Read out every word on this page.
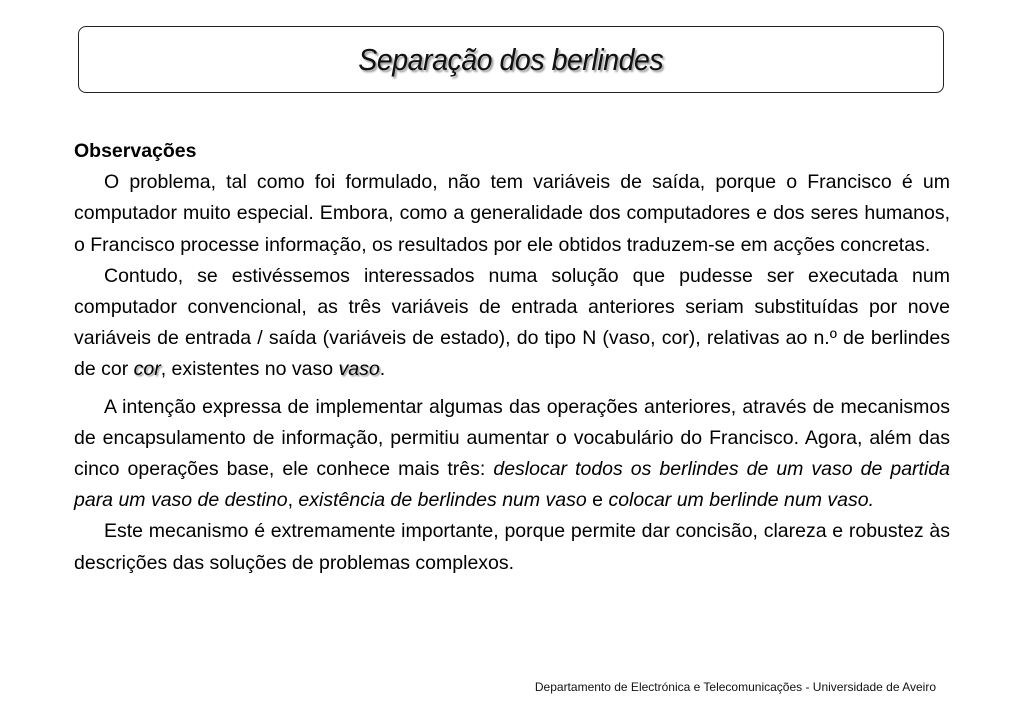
Separação dos berlindes
Observações

O problema, tal como foi formulado, não tem variáveis de saída, porque o Francisco é um computador muito especial. Embora, como a generalidade dos computadores e dos seres humanos, o Francisco processe informação, os resultados por ele obtidos traduzem-se em acções concretas.

Contudo, se estivéssemos interessados numa solução que pudesse ser executada num computador convencional, as três variáveis de entrada anteriores seriam substituídas por nove variáveis de entrada / saída (variáveis de estado), do tipo N (vaso, cor), relativas ao n.º de berlindes de cor cor, existentes no vaso vaso.

A intenção expressa de implementar algumas das operações anteriores, através de mecanismos de encapsulamento de informação, permitiu aumentar o vocabulário do Francisco. Agora, além das cinco operações base, ele conhece mais três: deslocar todos os berlindes de um vaso de partida para um vaso de destino, existência de berlindes num vaso e colocar um berlinde num vaso.

Este mecanismo é extremamente importante, porque permite dar concisão, clareza e robustez às descrições das soluções de problemas complexos.

Departamento de Electrónica e Telecomunicações - Universidade de Aveiro
